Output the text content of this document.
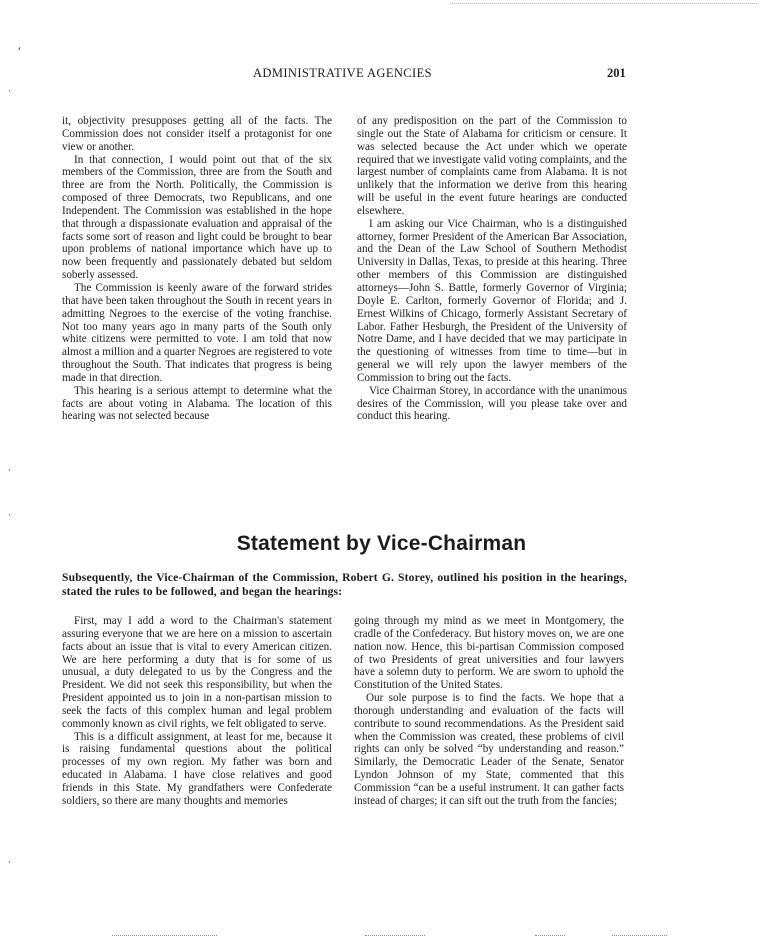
′
‧
ADMINISTRATIVE AGENCIES	201

it, objectivity presupposes getting all of the facts. The Commission does not consider itself a protagonist for one view or another.

In that connection, I would point out that of the six members of the Commission, three are from the South and three are from the North. Politically, the Commission is composed of three Democrats, two Republicans, and one Independent. The Commission was established in the hope that through a dispassionate evaluation and appraisal of the facts some sort of reason and light could be brought to bear upon problems of national importance which have up to now been frequently and passionately debated but seldom soberly assessed.

The Commission is keenly aware of the forward strides that have been taken throughout the South in recent years in admitting Negroes to the exercise of the voting franchise. Not too many years ago in many parts of the South only white citizens were permitted to vote. I am told that now almost a million and a quarter Negroes are registered to vote throughout the South. That indicates that progress is being made in that direction.

This hearing is a serious attempt to determine what the facts are about voting in Alabama. The location of this hearing was not selected because

of any predisposition on the part of the Commission to single out the State of Alabama for criticism or censure. It was selected because the Act under which we operate required that we investigate valid voting complaints, and the largest number of complaints came from Alabama. It is not unlikely that the information we derive from this hearing will be useful in the event future hearings are conducted elsewhere.

I am asking our Vice Chairman, who is a distinguished attorney, former President of the American Bar Association, and the Dean of the Law School of Southern Methodist University in Dallas, Texas, to preside at this hearing. Three other members of this Commission are distinguished attorneys—John S. Battle, formerly Governor of Virginia; Doyle E. Carlton, formerly Governor of Florida; and J. Ernest Wilkins of Chicago, formerly Assistant Secretary of Labor. Father Hesburgh, the President of the University of Notre Dame, and I have decided that we may participate in the questioning of witnesses from time to time—but in general we will rely upon the lawyer members of the Commission to bring out the facts.

Vice Chairman Storey, in accordance with the unanimous desires of the Commission, will you please take over and conduct this hearing.

Statement by Vice-Chairman
Subsequently, the Vice-Chairman of the Commission, Robert G. Storey, outlined his position in the hearings, stated the rules to be followed, and began the hearings:

First, may I add a word to the Chairman's statement assuring everyone that we are here on a mission to ascertain facts about an issue that is vital to every American citizen. We are here performing a duty that is for some of us unusual, a duty delegated to us by the Congress and the President. We did not seek this responsibility, but when the President appointed us to join in a non-partisan mission to seek the facts of this complex human and legal problem commonly known as civil rights, we felt obligated to serve.

This is a difficult assignment, at least for me, because it is raising fundamental questions about the political processes of my own region. My father was born and educated in Alabama. I have close relatives and good friends in this State. My grandfathers were Confederate soldiers, so there are many thoughts and memories

going through my mind as we meet in Montgomery, the cradle of the Confederacy. But history moves on, we are one nation now. Hence, this bi-partisan Commission composed of two Presidents of great universities and four lawyers have a solemn duty to perform. We are sworn to uphold the Constitution of the United States.

Our sole purpose is to find the facts. We hope that a thorough understanding and evaluation of the facts will contribute to sound recommendations. As the President said when the Commission was created, these problems of civil rights can only be solved “by understanding and reason.” Similarly, the Democratic Leader of the Senate, Senator Lyndon Johnson of my State, commented that this Commission “can be a useful instrument. It can gather facts instead of charges; it can sift out the truth from the fancies;

‧
‧
‧
